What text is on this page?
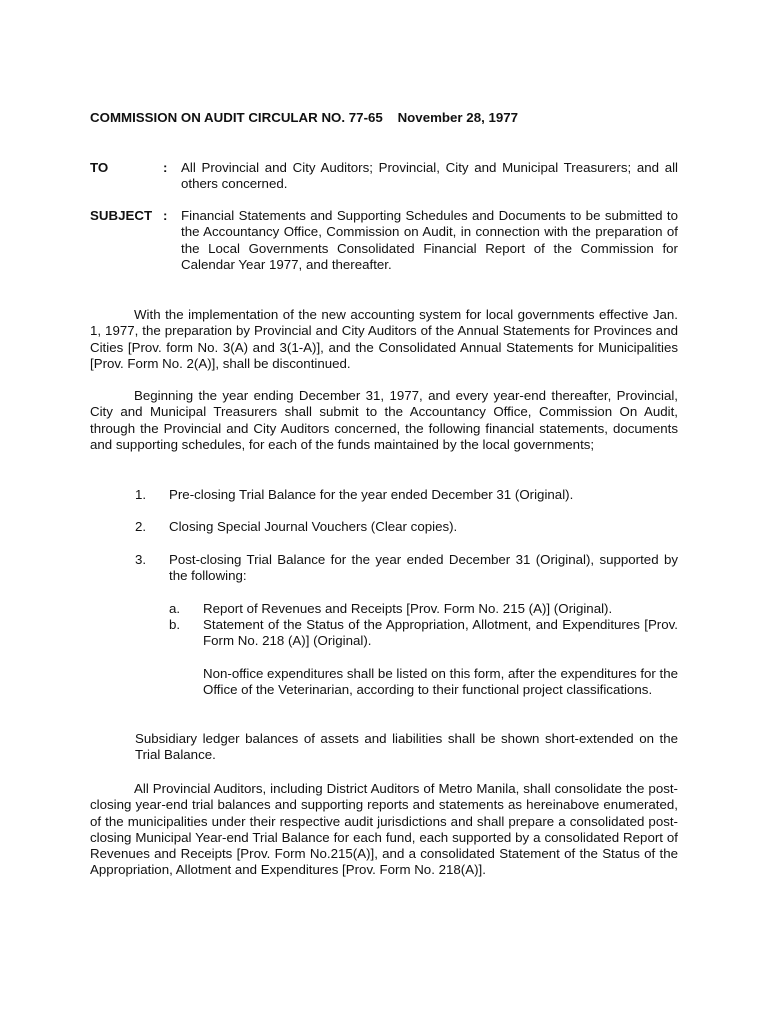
COMMISSION ON AUDIT CIRCULAR NO. 77-65    November 28, 1977
TO	: All Provincial and City Auditors; Provincial, City and Municipal Treasurers; and all others concerned.
SUBJECT : Financial Statements and Supporting Schedules and Documents to be submitted to the Accountancy Office, Commission on Audit, in connection with the preparation of the Local Governments Consolidated Financial Report of the Commission for Calendar Year 1977, and thereafter.

With the implementation of the new accounting system for local governments effective Jan. 1, 1977, the preparation by Provincial and City Auditors of the Annual Statements for Provinces and Cities [Prov. form No. 3(A) and 3(1-A)], and the Consolidated Annual Statements for Municipalities [Prov. Form No. 2(A)], shall be discontinued.

Beginning the year ending December 31, 1977, and every year-end thereafter, Provincial, City and Municipal Treasurers shall submit to the Accountancy Office, Commission On Audit, through the Provincial and City Auditors concerned, the following financial statements, documents and supporting schedules, for each of the funds maintained by the local governments;

1. Pre-closing Trial Balance for the year ended December 31 (Original).
2. Closing Special Journal Vouchers (Clear copies).
3. Post-closing Trial Balance for the year ended December 31 (Original), supported by the following:
a. Report of Revenues and Receipts [Prov. Form No. 215 (A)] (Original).
b. Statement of the Status of the Appropriation, Allotment, and Expenditures [Prov. Form No. 218 (A)] (Original).

Non-office expenditures shall be listed on this form, after the expenditures for the Office of the Veterinarian, according to their functional project classifications.

Subsidiary ledger balances of assets and liabilities shall be shown short-extended on the Trial Balance.

All Provincial Auditors, including District Auditors of Metro Manila, shall consolidate the post-closing year-end trial balances and supporting reports and statements as hereinabove enumerated, of the municipalities under their respective audit jurisdictions and shall prepare a consolidated post-closing Municipal Year-end Trial Balance for each fund, each supported by a consolidated Report of Revenues and Receipts [Prov. Form No.215(A)], and a consolidated Statement of the Status of the Appropriation, Allotment and Expenditures [Prov. Form No. 218(A)].
